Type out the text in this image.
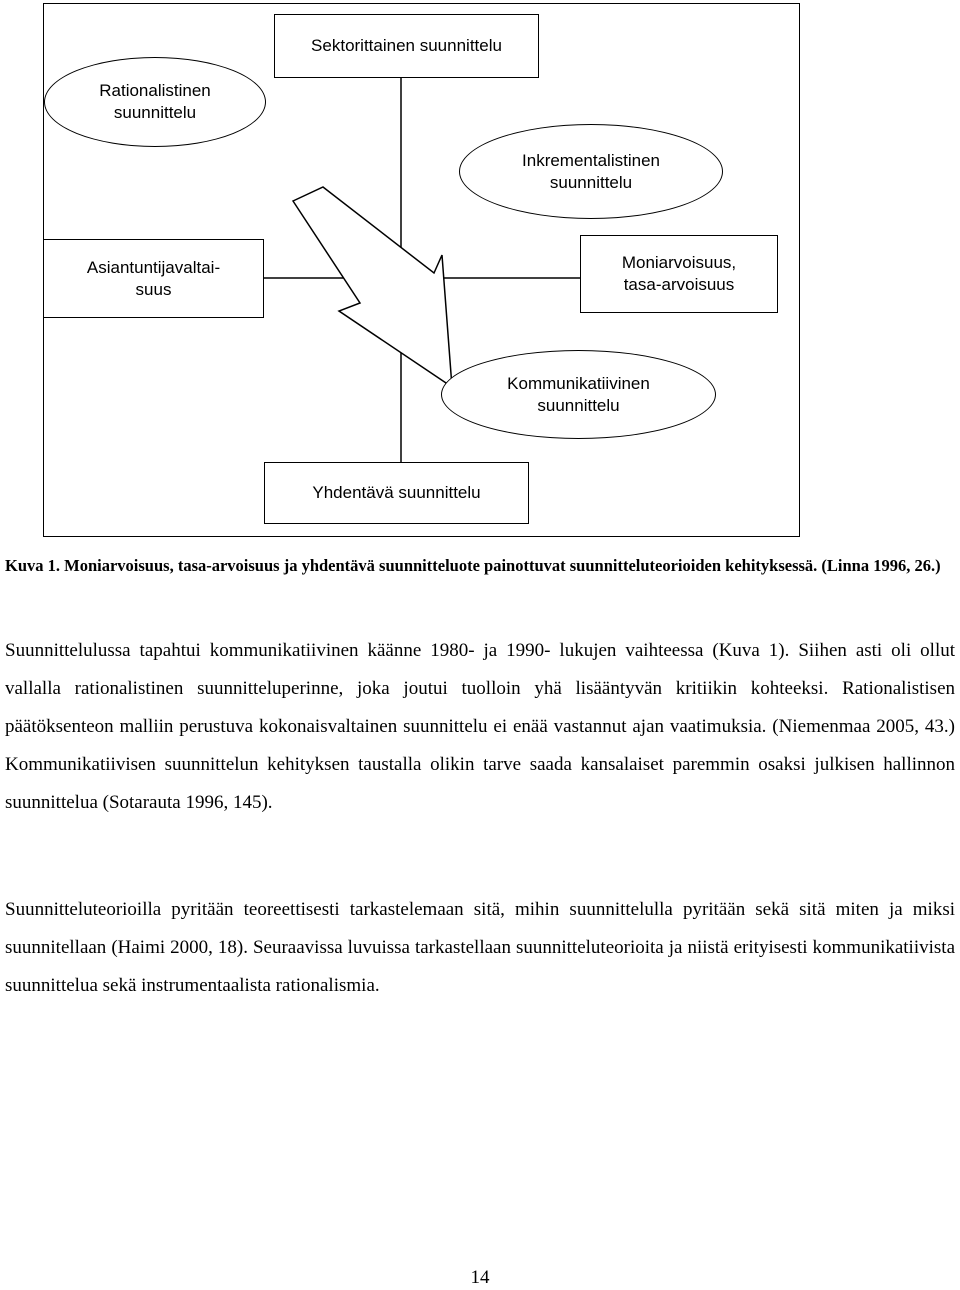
Sektorittainen suunnittelu
Rationalistinen
suunnittelu
Inkrementalistinen
suunnittelu
Asiantuntijavaltai-
suus
Moniarvoisuus,
tasa-arvoisuus
Kommunikatiivinen
suunnittelu
Yhdentävä suunnittelu
Kuva 1. Moniarvoisuus, tasa-arvoisuus ja yhdentävä suunnitteluote painottuvat suunnitteluteorioiden kehityksessä. (Linna 1996, 26.)

Suunnittelulussa tapahtui kommunikatiivinen käänne 1980- ja 1990- lukujen vaihteessa (Kuva 1). Siihen asti oli ollut vallalla rationalistinen suunnitteluperinne, joka joutui tuolloin yhä lisääntyvän kritiikin kohteeksi. Rationalistisen päätöksenteon malliin perustuva kokonaisvaltainen suunnittelu ei enää vastannut ajan vaatimuksia. (Niemenmaa 2005, 43.) Kommunikatiivisen suunnittelun kehityksen taustalla olikin tarve saada kansalaiset paremmin osaksi julkisen hallinnon suunnittelua (Sotarauta 1996, 145).

Suunnitteluteorioilla pyritään teoreettisesti tarkastelemaan sitä, mihin suunnittelulla pyritään sekä sitä miten ja miksi suunnitellaan (Haimi 2000, 18). Seuraavissa luvuissa tarkastellaan suunnitteluteorioita ja niistä erityisesti kommunikatiivista suunnittelua sekä instrumentaalista rationalismia.

14
